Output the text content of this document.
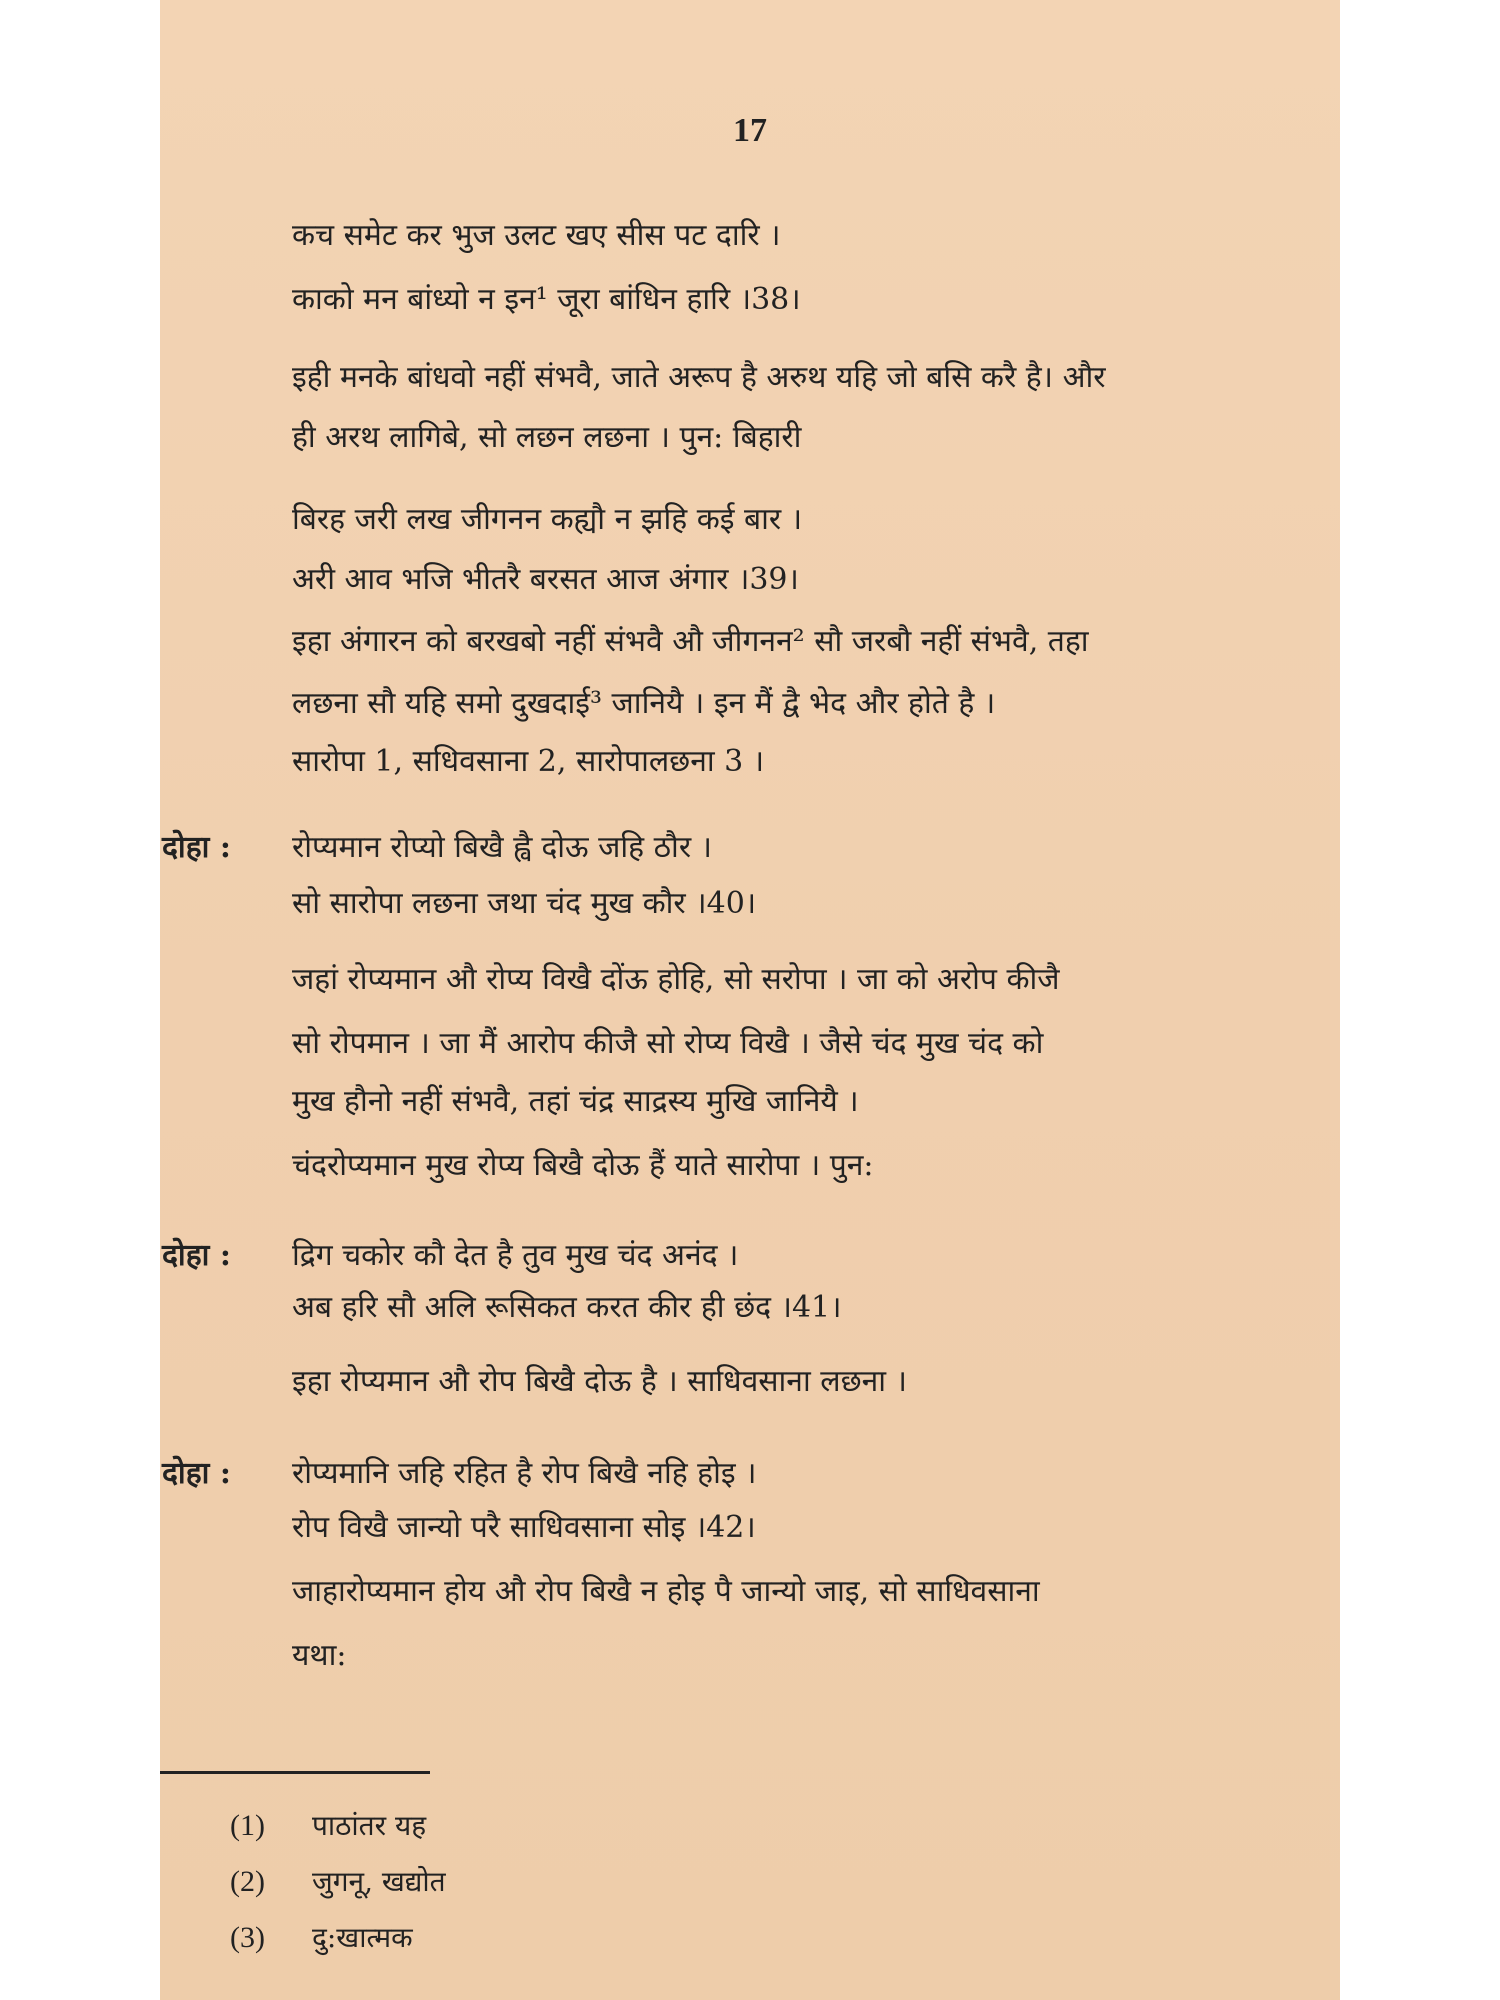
17
कच समेट कर भुज उलट खए सीस पट दारि ।
काको मन बांध्यो न इन¹ जूरा बांधिन हारि ।38।
इही मनके बांधवो नहीं संभवै, जाते अरूप है अरुथ यहि जो बसि करै है। और
ही अरथ लागिबे, सो लछन लछना । पुन: बिहारी
बिरह जरी लख जीगनन कह्यौ न झहि कई बार ।
अरी आव भजि भीतरै बरसत आज अंगार ।39।
इहा अंगारन को बरखबो नहीं संभवै औ जीगनन² सौ जरबौ नहीं संभवै, तहा
लछना सौ यहि समो दुखदाई³ जानियै । इन मैं द्वै भेद और होते है ।
सारोपा 1, सधिवसाना 2, सारोपालछना 3 ।
दोहा : रोप्यमान रोप्यो बिखै ह्वै दोऊ जहि ठौर ।
सो सारोपा लछना जथा चंद मुख कौर ।40।
जहां रोप्यमान औ रोप्य विखै दोंऊ होहि, सो सरोपा । जा को अरोप कीजै
सो रोपमान । जा मैं आरोप कीजै सो रोप्य विखै । जैसे चंद मुख चंद को
मुख हौनो नहीं संभवै, तहां चंद्र साद्रस्य मुखि जानियै ।
चंदरोप्यमान मुख रोप्य बिखै दोऊ हैं याते सारोपा । पुन:
दोहा : द्रिग चकोर कौ देत है तुव मुख चंद अनंद ।
अब हरि सौ अलि रूसिकत करत कीर ही छंद ।41।
इहा रोप्यमान औ रोप बिखै दोऊ है । साधिवसाना लछना ।
दोहा : रोप्यमानि जहि रहित है रोप बिखै नहि होइ ।
रोप विखै जान्यो परै साधिवसाना सोइ ।42।
जाहारोप्यमान होय औ रोप बिखै न होइ पै जान्यो जाइ, सो साधिवसाना
यथा:
(1) पाठांतर यह
(2) जुगनू, खद्योत
(3) दु:खात्मक
